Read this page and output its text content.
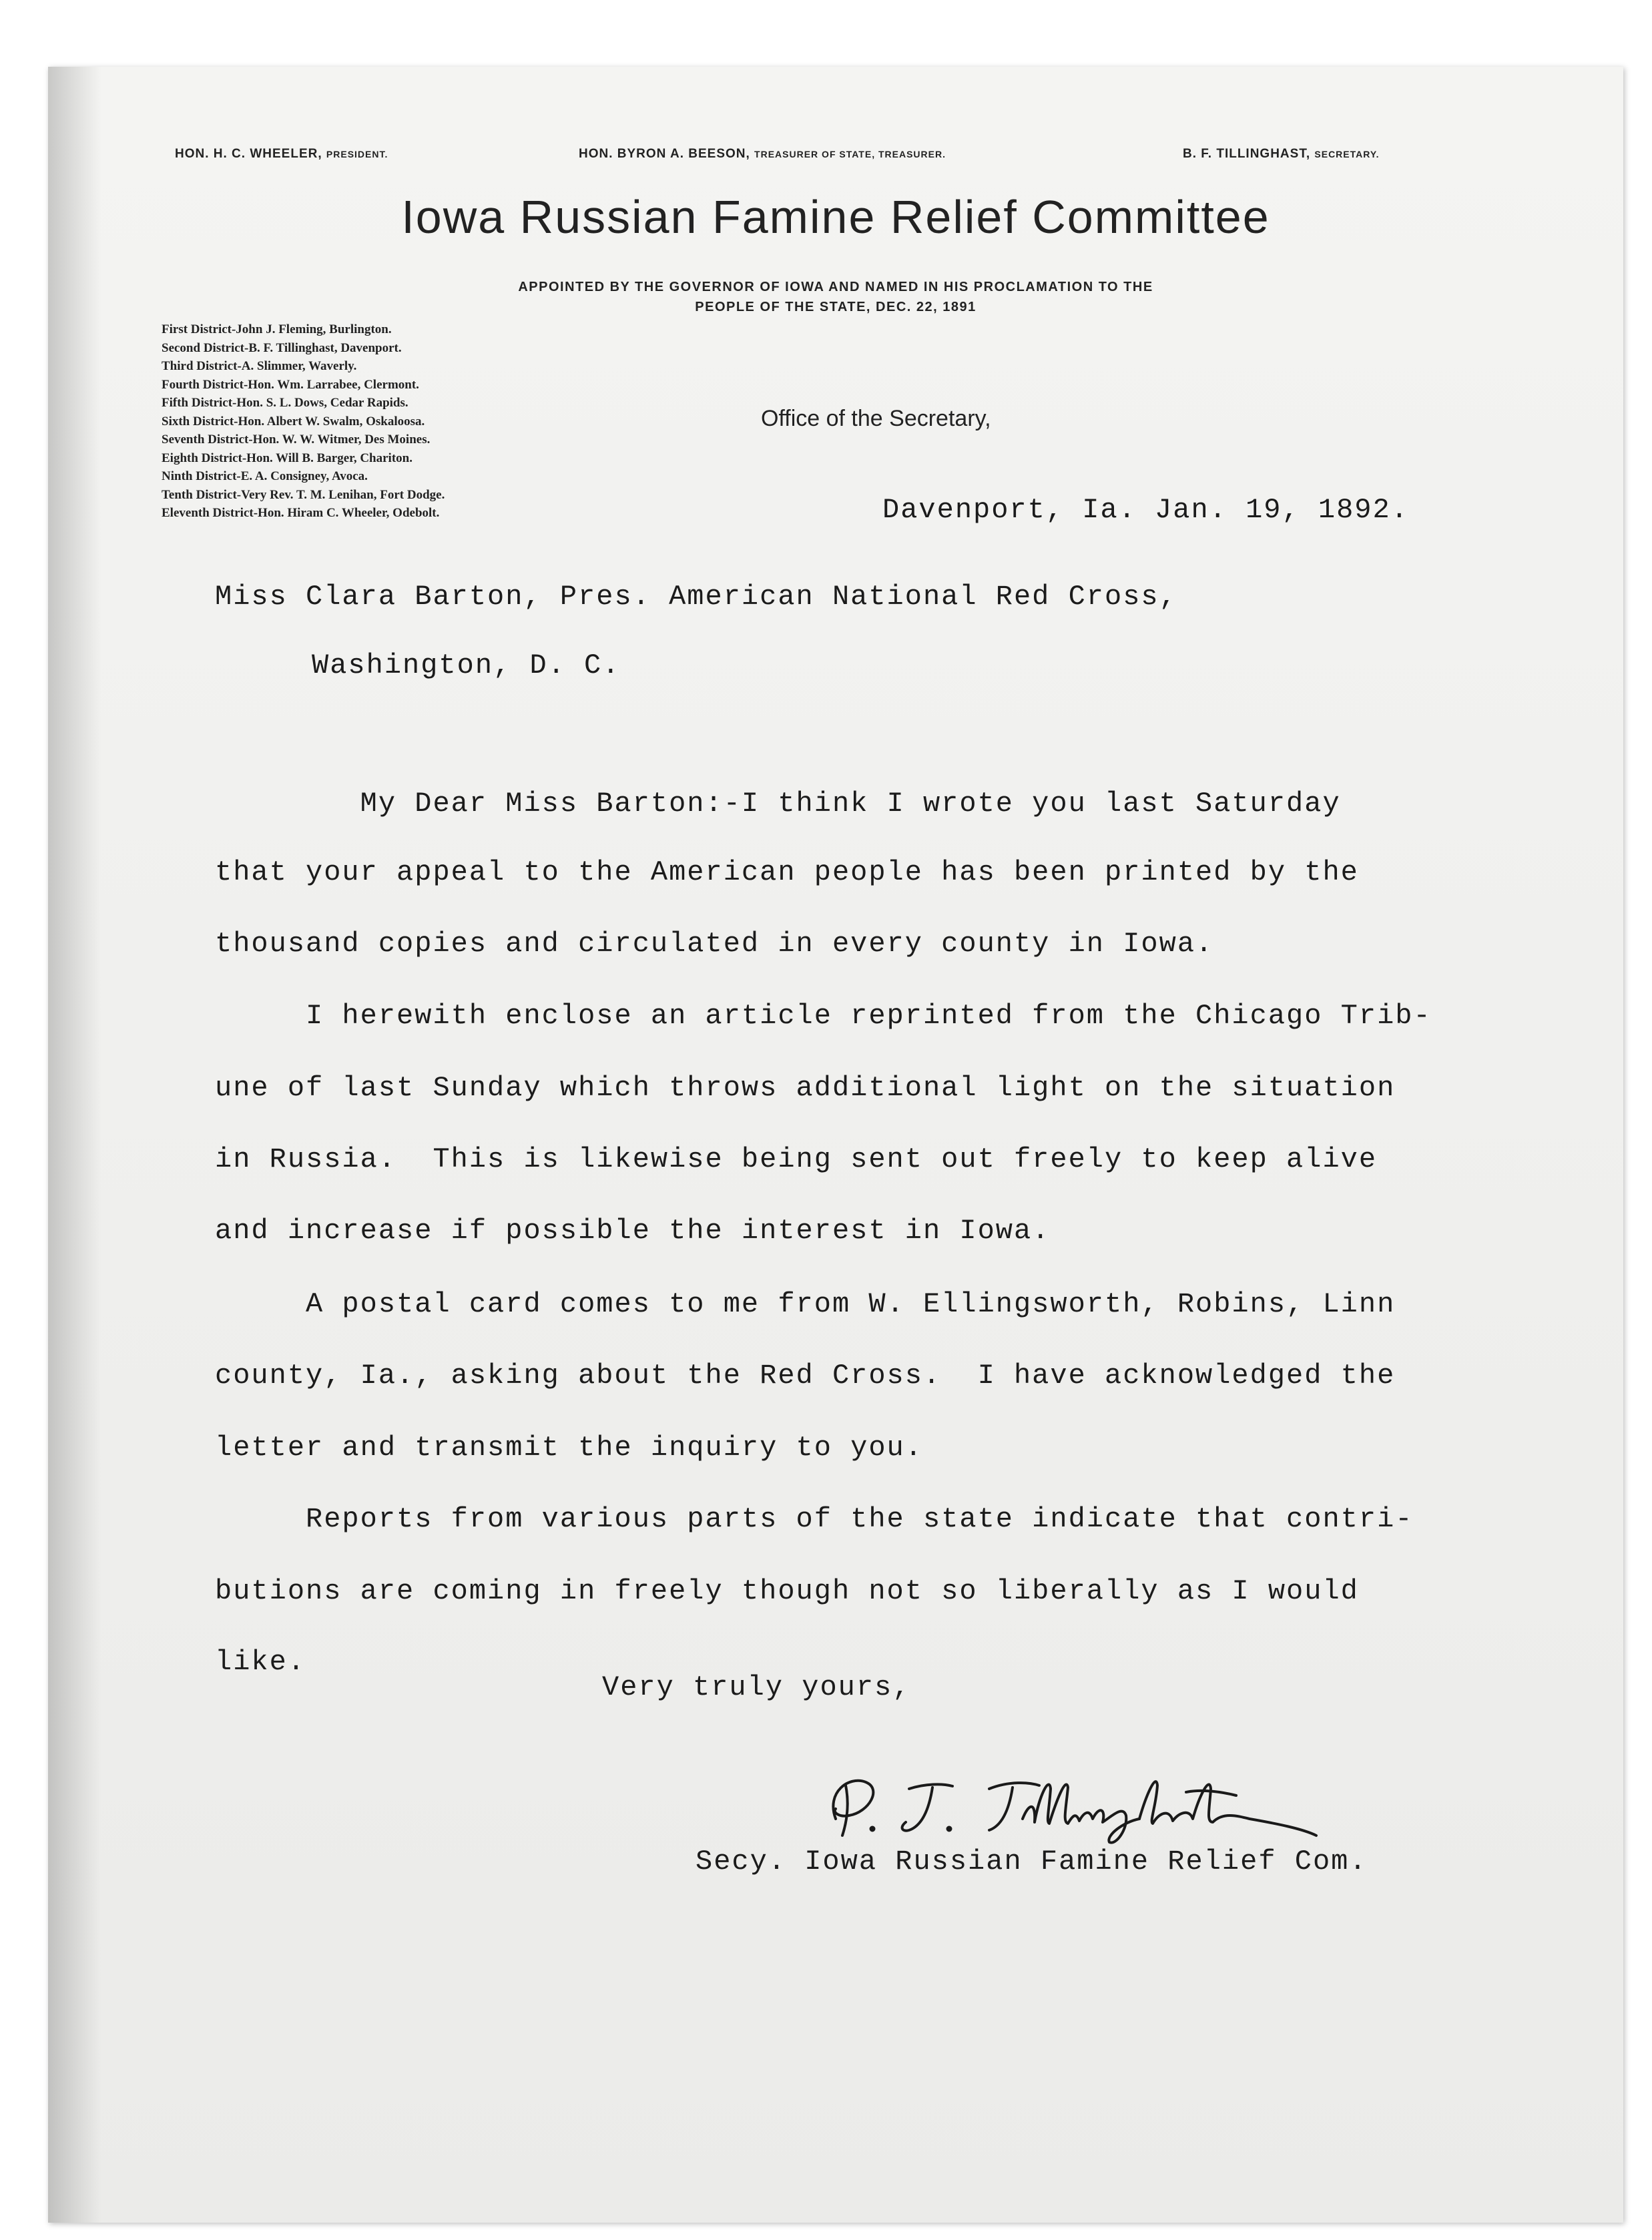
HON. H. C. WHEELER, PRESIDENT.	HON. BYRON A. BEESON, TREASURER OF STATE, TREASURER.	B. F. TILLINGHAST, SECRETARY.
Iowa Russian Famine Relief Committee
APPOINTED BY THE GOVERNOR OF IOWA AND NAMED IN HIS PROCLAMATION TO THE
PEOPLE OF THE STATE, DEC. 22, 1891
First District-John J. Fleming, Burlington.
Second District-B. F. Tillinghast, Davenport.
Third District-A. Slimmer, Waverly.
Fourth District-Hon. Wm. Larrabee, Clermont.
Fifth District-Hon. S. L. Dows, Cedar Rapids.
Sixth District-Hon. Albert W. Swalm, Oskaloosa.
Seventh District-Hon. W. W. Witmer, Des Moines.
Eighth District-Hon. Will B. Barger, Chariton.
Ninth District-E. A. Consigney, Avoca.
Tenth District-Very Rev. T. M. Lenihan, Fort Dodge.
Eleventh District-Hon. Hiram C. Wheeler, Odebolt.
Office of the Secretary,
Davenport, Ia. Jan. 19, 1892.
Miss Clara Barton, Pres. American National Red Cross,
Washington, D. C.
My Dear Miss Barton:-I think I wrote you last Saturday
that your appeal to the American people has been printed by the
thousand copies and circulated in every county in Iowa.
I herewith enclose an article reprinted from the Chicago Trib-
une of last Sunday which throws additional light on the situation
in Russia.  This is likewise being sent out freely to keep alive
and increase if possible the interest in Iowa.
A postal card comes to me from W. Ellingsworth, Robins, Linn
county, Ia., asking about the Red Cross.  I have acknowledged the
letter and transmit the inquiry to you.
Reports from various parts of the state indicate that contri-
butions are coming in freely though not so liberally as I would
like.
Very truly yours,
Secy. Iowa Russian Famine Relief Com.
